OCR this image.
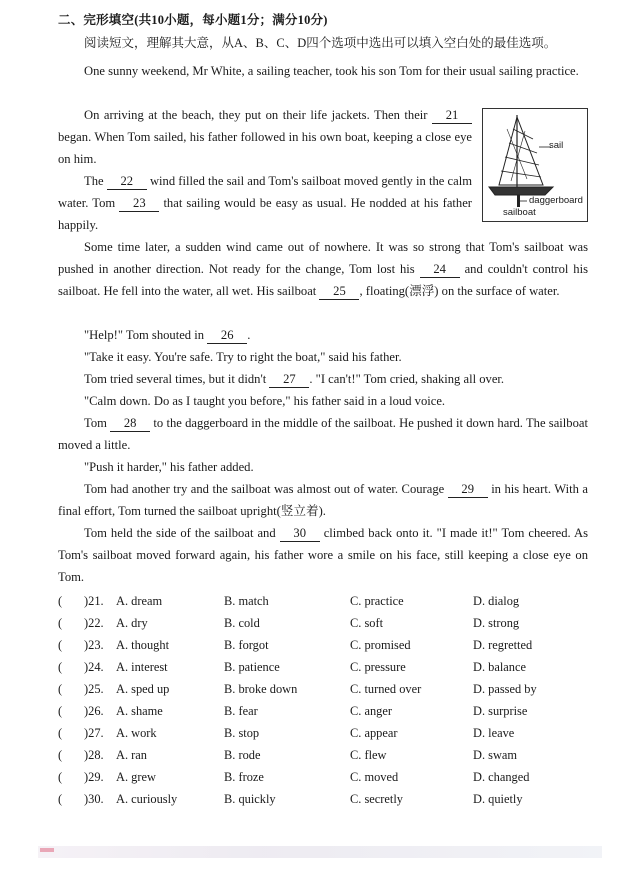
二、完形填空(共10小题，每小题1分；满分10分)
阅读短文，理解其大意，从A、B、C、D四个选项中选出可以填入空白处的最佳选项。
One sunny weekend, Mr White, a sailing teacher, took his son Tom for their usual sailing practice.
On arriving at the beach, they put on their life jackets. Then their 21 began. When Tom sailed, his father followed in his own boat, keeping a close eye on him.
The 22 wind filled the sail and Tom's sailboat moved gently in the calm water. Tom 23 that sailing would be easy as usual. He nodded at his father happily.
sail
daggerboard
sailboat
Some time later, a sudden wind came out of nowhere. It was so strong that Tom's sailboat was pushed in another direction. Not ready for the change, Tom lost his 24 and couldn't control his sailboat. He fell into the water, all wet. His sailboat 25 , floating(漂浮) on the surface of water.
"Help!" Tom shouted in 26 .
"Take it easy. You're safe. Try to right the boat," said his father.
Tom tried several times, but it didn't 27 . "I can't!" Tom cried, shaking all over.
"Calm down. Do as I taught you before," his father said in a loud voice.
Tom 28 to the daggerboard in the middle of the sailboat. He pushed it down hard. The sailboat moved a little.
"Push it harder," his father added.
Tom had another try and the sailboat was almost out of water. Courage 29 in his heart. With a final effort, Tom turned the sailboat upright(竖立着).
Tom held the side of the sailboat and 30 climbed back onto it. "I made it!" Tom cheered. As Tom's sailboat moved forward again, his father wore a smile on his face, still keeping a close eye on Tom.
( )21. A. dream	B. match	C. practice	D. dialog
( )22. A. dry	B. cold	C. soft	D. strong
( )23. A. thought	B. forgot	C. promised	D. regretted
( )24. A. interest	B. patience	C. pressure	D. balance
( )25. A. sped up	B. broke down	C. turned over	D. passed by
( )26. A. shame	B. fear	C. anger	D. surprise
( )27. A. work	B. stop	C. appear	D. leave
( )28. A. ran	B. rode	C. flew	D. swam
( )29. A. grew	B. froze	C. moved	D. changed
( )30. A. curiously	B. quickly	C. secretly	D. quietly
